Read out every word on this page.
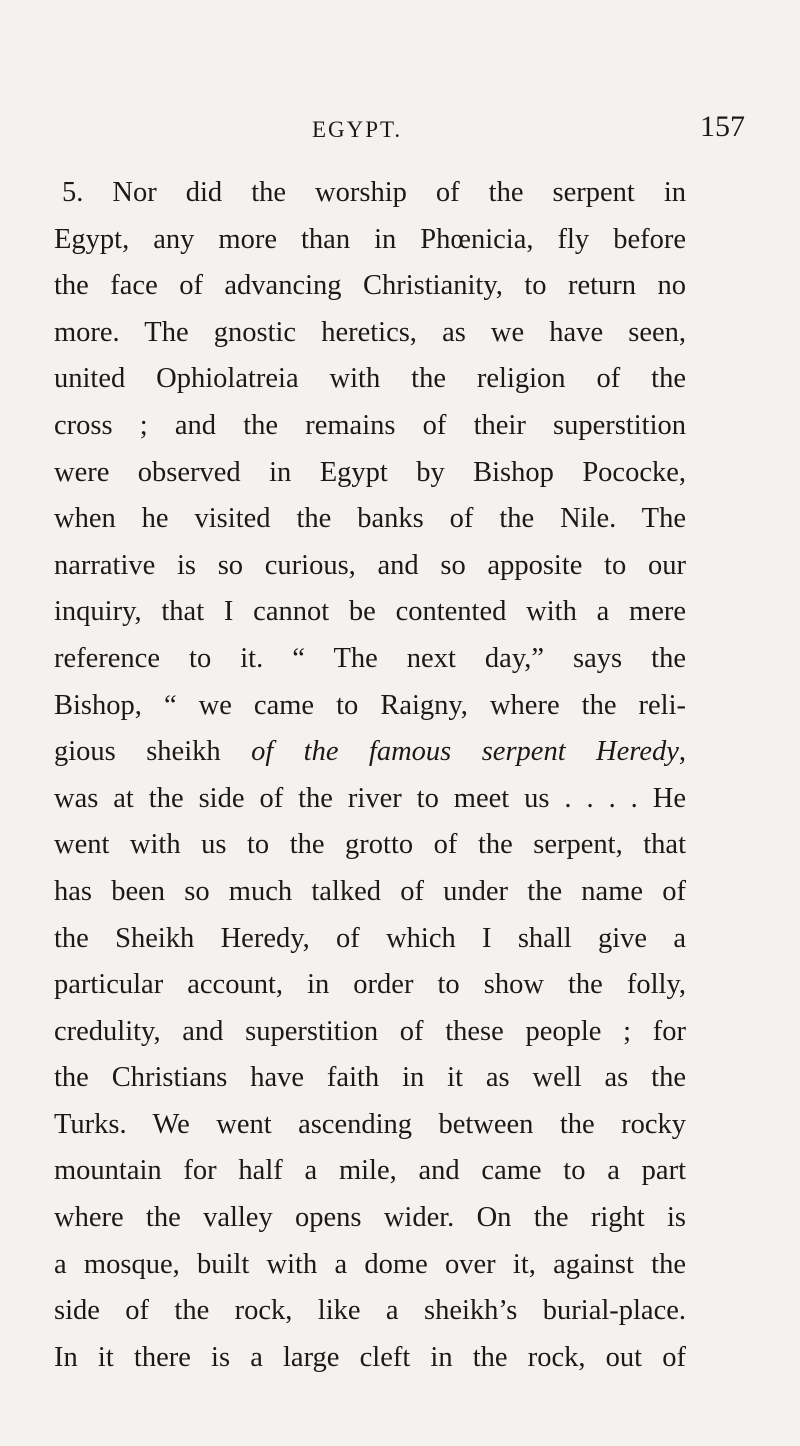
EGYPT.	157
5. Nor did the worship of the serpent in
Egypt, any more than in Phœnicia, fly before
the face of advancing Christianity, to return no
more. The gnostic heretics, as we have seen,
united Ophiolatreia with the religion of the
cross ; and the remains of their superstition
were observed in Egypt by Bishop Pococke,
when he visited the banks of the Nile. The
narrative is so curious, and so apposite to our
inquiry, that I cannot be contented with a mere
reference to it. “ The next day,” says the
Bishop, “ we came to Raigny, where the reli-
gious sheikh of the famous serpent Heredy,
was at the side of the river to meet us . . . . He
went with us to the grotto of the serpent, that
has been so much talked of under the name of
the Sheikh Heredy, of which I shall give a
particular account, in order to show the folly,
credulity, and superstition of these people ; for
the Christians have faith in it as well as the
Turks. We went ascending between the rocky
mountain for half a mile, and came to a part
where the valley opens wider. On the right is
a mosque, built with a dome over it, against the
side of the rock, like a sheikh’s burial-place.
In it there is a large cleft in the rock, out of
